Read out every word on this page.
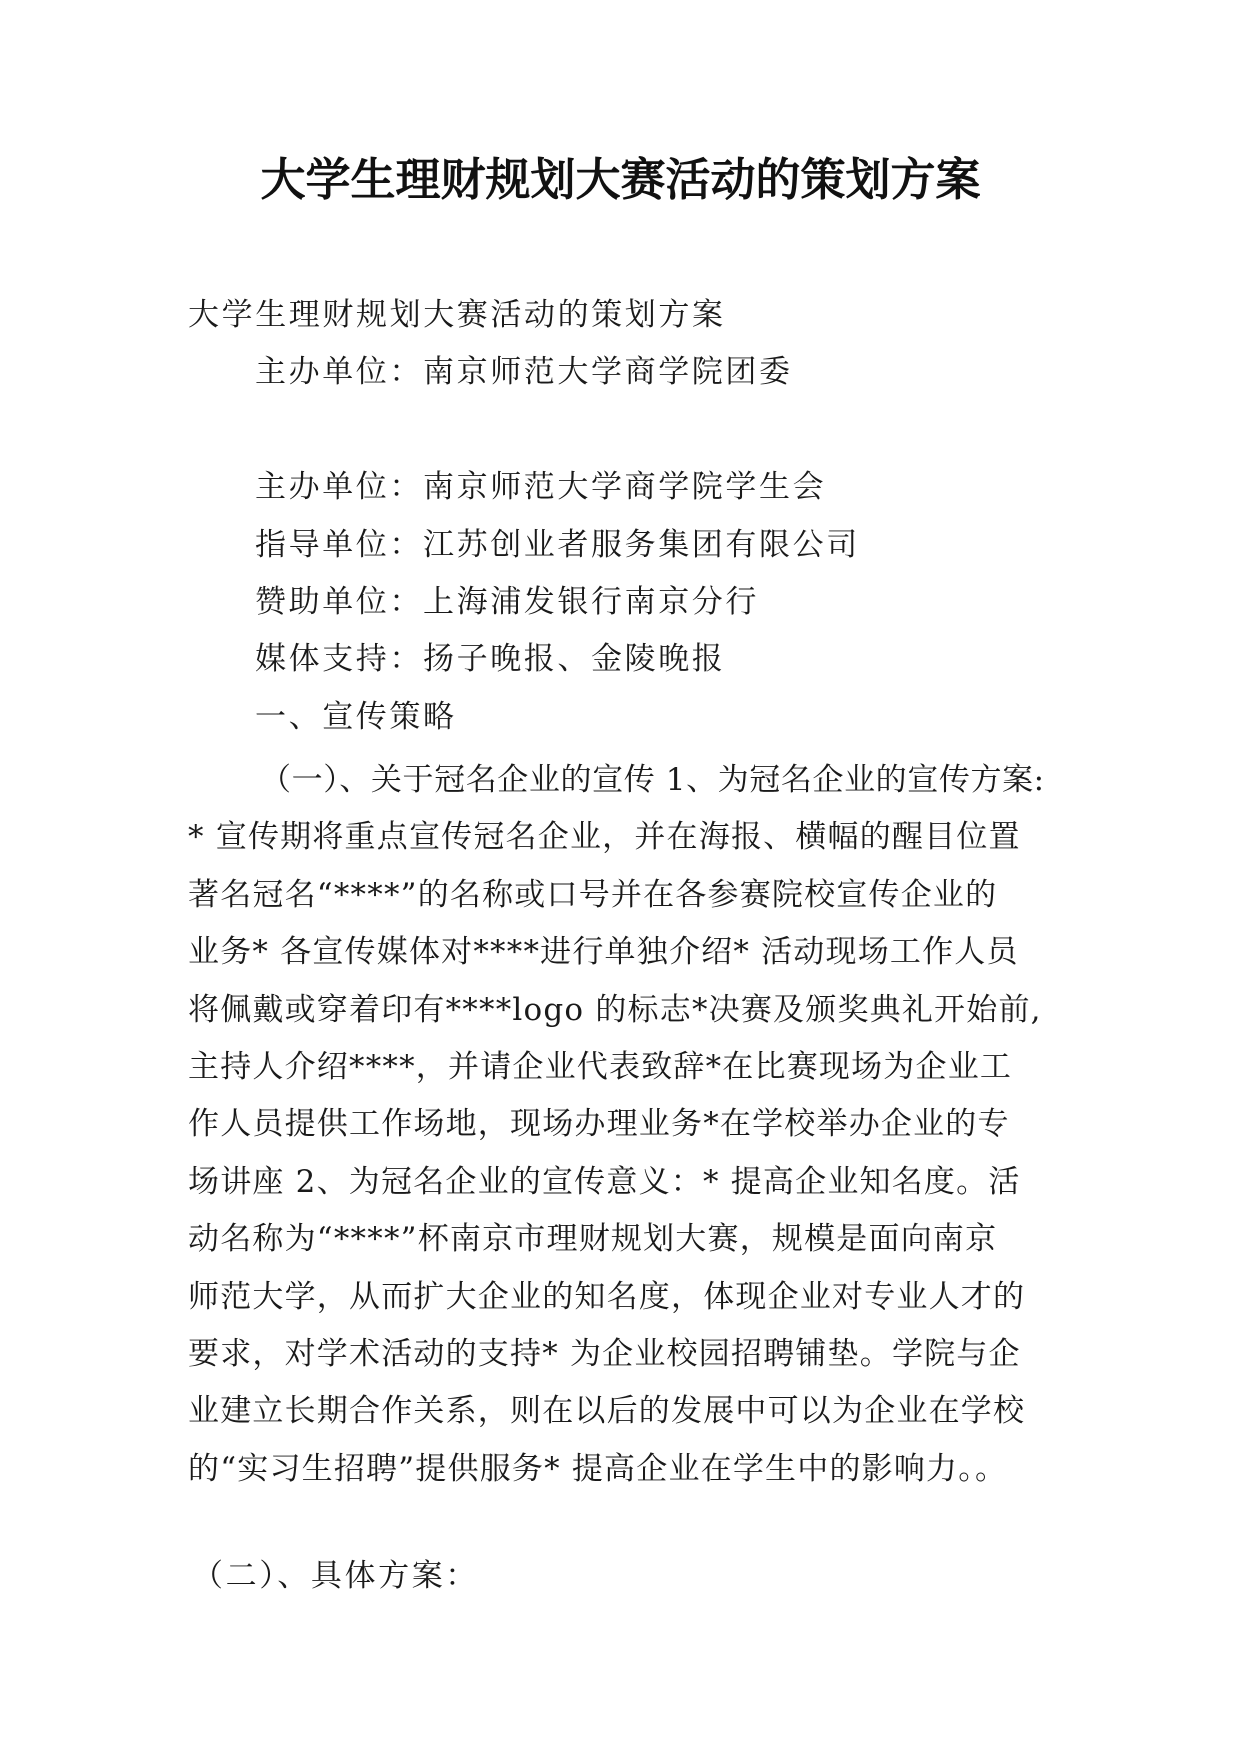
大学生理财规划大赛活动的策划方案
大学生理财规划大赛活动的策划方案
主办单位：南京师范大学商学院团委
主办单位：南京师范大学商学院学生会
指导单位：江苏创业者服务集团有限公司
赞助单位：上海浦发银行南京分行
媒体支持：扬子晚报、金陵晚报
一、宣传策略
（一）、关于冠名企业的宣传 1、为冠名企业的宣传方案:
* 宣传期将重点宣传冠名企业，并在海报、横幅的醒目位置
著名冠名“****”的名称或口号并在各参赛院校宣传企业的
业务* 各宣传媒体对****进行单独介绍* 活动现场工作人员
将佩戴或穿着印有****logo 的标志*决赛及颁奖典礼开始前,
主持人介绍****，并请企业代表致辞*在比赛现场为企业工
作人员提供工作场地，现场办理业务*在学校举办企业的专
场讲座 2、为冠名企业的宣传意义：* 提高企业知名度。活
动名称为“****”杯南京市理财规划大赛，规模是面向南京
师范大学，从而扩大企业的知名度，体现企业对专业人才的
要求，对学术活动的支持* 为企业校园招聘铺垫。学院与企
业建立长期合作关系，则在以后的发展中可以为企业在学校
的“实习生招聘”提供服务* 提高企业在学生中的影响力。。
（二）、具体方案：
